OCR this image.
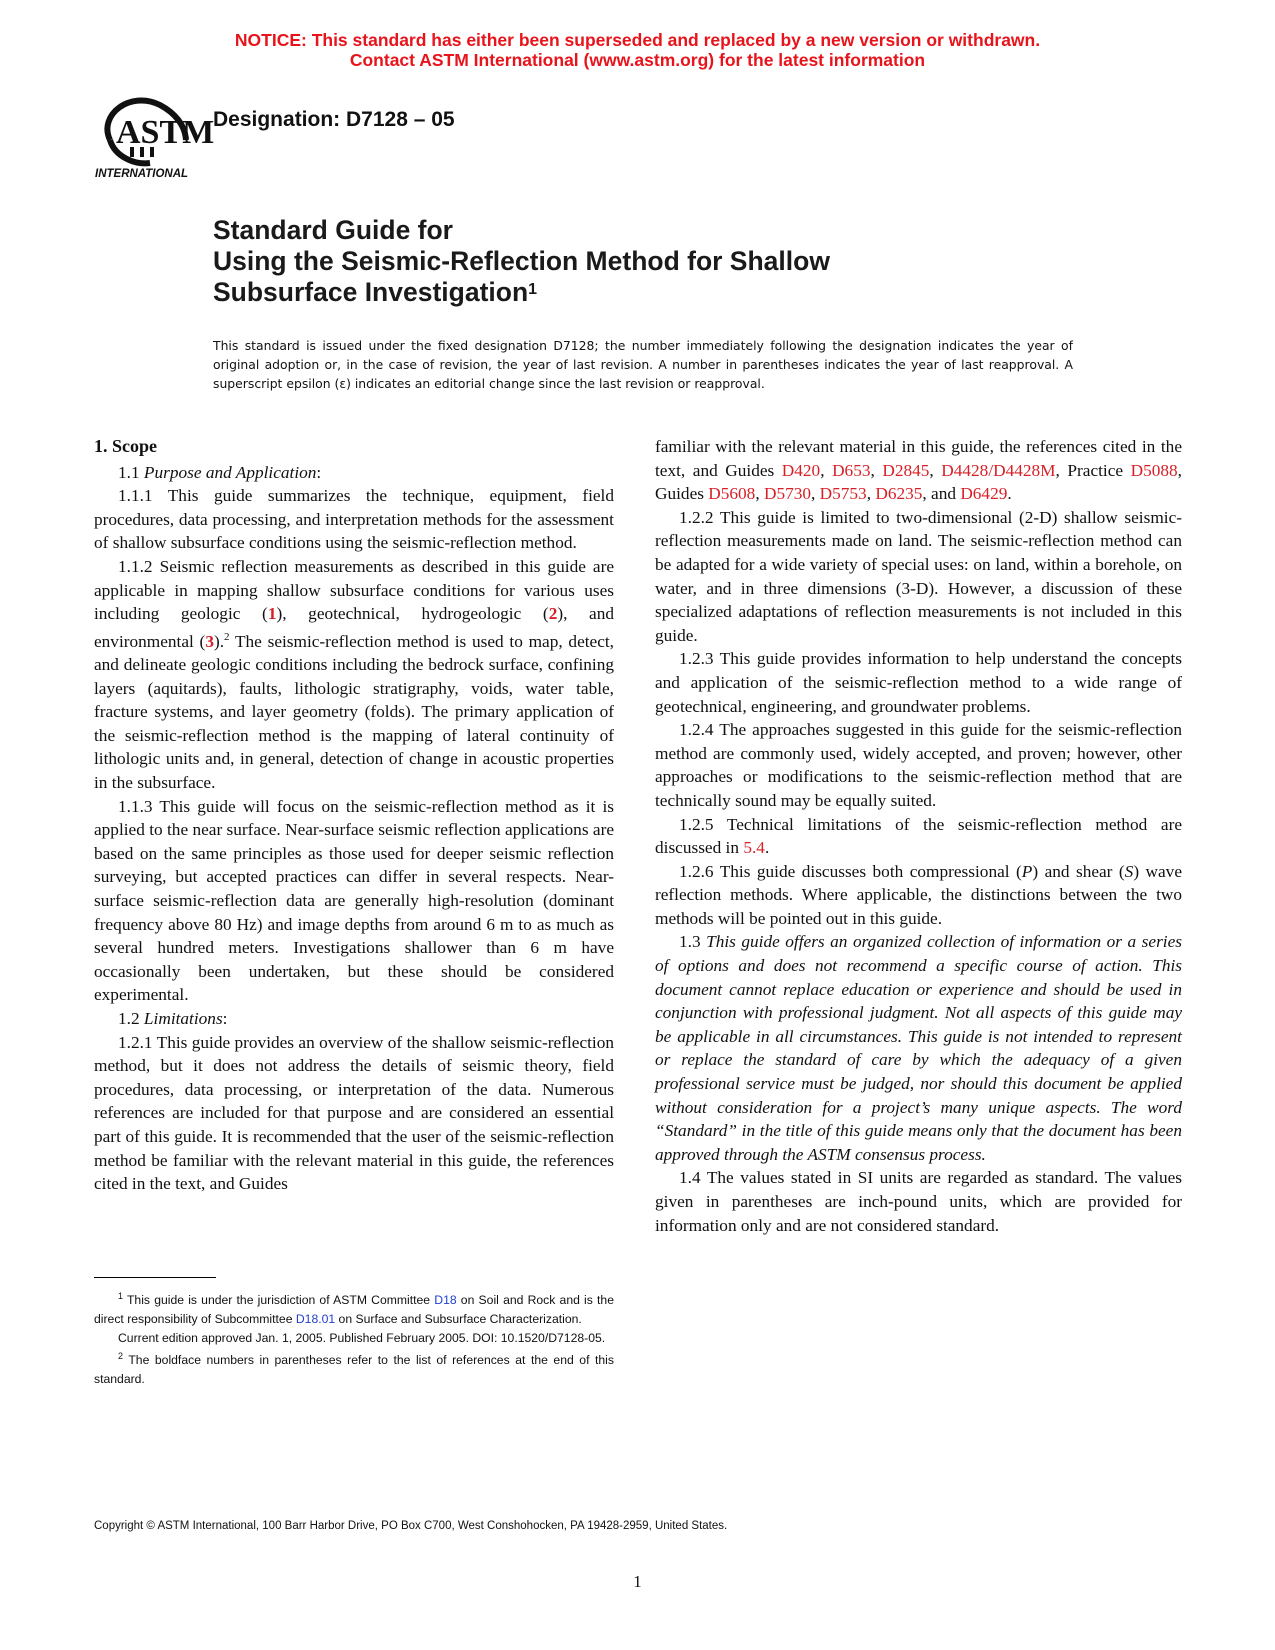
NOTICE: This standard has either been superseded and replaced by a new version or withdrawn.
Contact ASTM International (www.astm.org) for the latest information
ASTM
INTERNATIONAL
Designation: D7128 – 05
Standard Guide for
Using the Seismic-Reflection Method for Shallow
Subsurface Investigation$^1$
This standard is issued under the fixed designation D7128; the number immediately following the designation indicates the year of original adoption or, in the case of revision, the year of last revision. A number in parentheses indicates the year of last reapproval. A superscript epsilon (ε) indicates an editorial change since the last revision or reapproval.

1. Scope

1.1 Purpose and Application:

1.1.1 This guide summarizes the technique, equipment, field procedures, data processing, and interpretation methods for the assessment of shallow subsurface conditions using the seismic-reflection method.

1.1.2 Seismic reflection measurements as described in this guide are applicable in mapping shallow subsurface conditions for various uses including geologic (1), geotechnical, hydrogeologic (2), and environmental (3).$^2$ The seismic-reflection method is used to map, detect, and delineate geologic conditions including the bedrock surface, confining layers (aquitards), faults, lithologic stratigraphy, voids, water table, fracture systems, and layer geometry (folds). The primary application of the seismic-reflection method is the mapping of lateral continuity of lithologic units and, in general, detection of change in acoustic properties in the subsurface.

1.1.3 This guide will focus on the seismic-reflection method as it is applied to the near surface. Near-surface seismic reflection applications are based on the same principles as those used for deeper seismic reflection surveying, but accepted practices can differ in several respects. Near-surface seismic-reflection data are generally high-resolution (dominant frequency above 80 Hz) and image depths from around 6 m to as much as several hundred meters. Investigations shallower than 6 m have occasionally been undertaken, but these should be considered experimental.

1.2 Limitations:

1.2.1 This guide provides an overview of the shallow seismic-reflection method, but it does not address the details of seismic theory, field procedures, data processing, or interpretation of the data. Numerous references are included for that purpose and are considered an essential part of this guide. It is recommended that the user of the seismic-reflection method be familiar with the relevant material in this guide, the references cited in the text, and Guides

familiar with the relevant material in this guide, the references cited in the text, and Guides D420, D653, D2845, D4428/D4428M, Practice D5088, Guides D5608, D5730, D5753, D6235, and D6429.

1.2.2 This guide is limited to two-dimensional (2-D) shallow seismic-reflection measurements made on land. The seismic-reflection method can be adapted for a wide variety of special uses: on land, within a borehole, on water, and in three dimensions (3-D). However, a discussion of these specialized adaptations of reflection measurements is not included in this guide.

1.2.3 This guide provides information to help understand the concepts and application of the seismic-reflection method to a wide range of geotechnical, engineering, and groundwater problems.

1.2.4 The approaches suggested in this guide for the seismic-reflection method are commonly used, widely accepted, and proven; however, other approaches or modifications to the seismic-reflection method that are technically sound may be equally suited.

1.2.5 Technical limitations of the seismic-reflection method are discussed in 5.4.

1.2.6 This guide discusses both compressional (P) and shear (S) wave reflection methods. Where applicable, the distinctions between the two methods will be pointed out in this guide.

1.3 This guide offers an organized collection of information or a series of options and does not recommend a specific course of action. This document cannot replace education or experience and should be used in conjunction with professional judgment. Not all aspects of this guide may be applicable in all circumstances. This guide is not intended to represent or replace the standard of care by which the adequacy of a given professional service must be judged, nor should this document be applied without consideration for a project’s many unique aspects. The word “Standard” in the title of this guide means only that the document has been approved through the ASTM consensus process.

1.4 The values stated in SI units are regarded as standard. The values given in parentheses are inch-pound units, which are provided for information only and are not considered standard.

$^1$ This guide is under the jurisdiction of ASTM Committee D18 on Soil and Rock and is the direct responsibility of Subcommittee D18.01 on Surface and Subsurface Characterization.

Current edition approved Jan. 1, 2005. Published February 2005. DOI: 10.1520/D7128-05.

$^2$ The boldface numbers in parentheses refer to the list of references at the end of this standard.

Copyright © ASTM International, 100 Barr Harbor Drive, PO Box C700, West Conshohocken, PA 19428-2959, United States.
1
